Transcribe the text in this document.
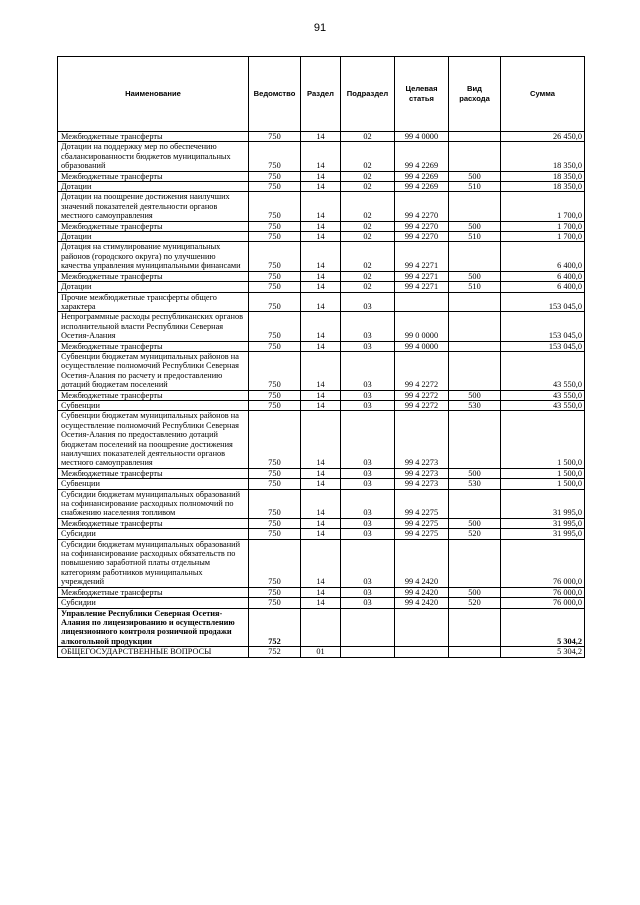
91
Наименование	Ведомство	Раздел	Подраздел	Целевая статья	Вид расхода	Сумма
Межбюджетные трансферты	750	14	02	99 4 0000		26 450,0
Дотации на поддержку мер по обеспечению сбалансированности бюджетов муниципальных образований	750	14	02	99 4 2269		18 350,0
Межбюджетные трансферты	750	14	02	99 4 2269	500	18 350,0
Дотации	750	14	02	99 4 2269	510	18 350,0
Дотации на поощрение достижения наилучших значений показателей деятельности органов местного самоуправления	750	14	02	99 4 2270		1 700,0
Межбюджетные трансферты	750	14	02	99 4 2270	500	1 700,0
Дотации	750	14	02	99 4 2270	510	1 700,0
Дотация на стимулирование муниципальных районов (городского округа) по улучшению качества управления муниципальными финансами	750	14	02	99 4 2271		6 400,0
Межбюджетные трансферты	750	14	02	99 4 2271	500	6 400,0
Дотации	750	14	02	99 4 2271	510	6 400,0
Прочие межбюджетные трансферты общего характера	750	14	03			153 045,0
Непрограммные расходы республиканских органов исполнительной власти Республики Северная Осетия-Алания	750	14	03	99 0 0000		153 045,0
Межбюджетные трансферты	750	14	03	99 4 0000		153 045,0
Субвенции бюджетам муниципальных районов на осуществление полномочий Республики Северная Осетия-Алания по расчету и предоставлению дотаций бюджетам поселений	750	14	03	99 4 2272		43 550,0
Межбюджетные трансферты	750	14	03	99 4 2272	500	43 550,0
Субвенции	750	14	03	99 4 2272	530	43 550,0
Субвенции бюджетам муниципальных районов на осуществление полномочий Республики Северная Осетия-Алания по предоставлению дотаций бюджетам поселений на поощрение достижения наилучших показателей деятельности органов местного самоуправления	750	14	03	99 4 2273		1 500,0
Межбюджетные трансферты	750	14	03	99 4 2273	500	1 500,0
Субвенции	750	14	03	99 4 2273	530	1 500,0
Субсидии бюджетам муниципальных образований на софинансирование расходных полномочий по снабжению населения топливом	750	14	03	99 4 2275		31 995,0
Межбюджетные трансферты	750	14	03	99 4 2275	500	31 995,0
Субсидии	750	14	03	99 4 2275	520	31 995,0
Субсидии бюджетам муниципальных образований на софинансирование расходных обязательств по повышению заработной платы отдельным категориям работников муниципальных учреждений	750	14	03	99 4 2420		76 000,0
Межбюджетные трансферты	750	14	03	99 4 2420	500	76 000,0
Субсидии	750	14	03	99 4 2420	520	76 000,0
Управление Республики Северная Осетия-Алания по лицензированию и осуществлению лицензионного контроля розничной продажи алкогольной продукции	752					5 304,2
ОБЩЕГОСУДАРСТВЕННЫЕ ВОПРОСЫ	752	01				5 304,2
